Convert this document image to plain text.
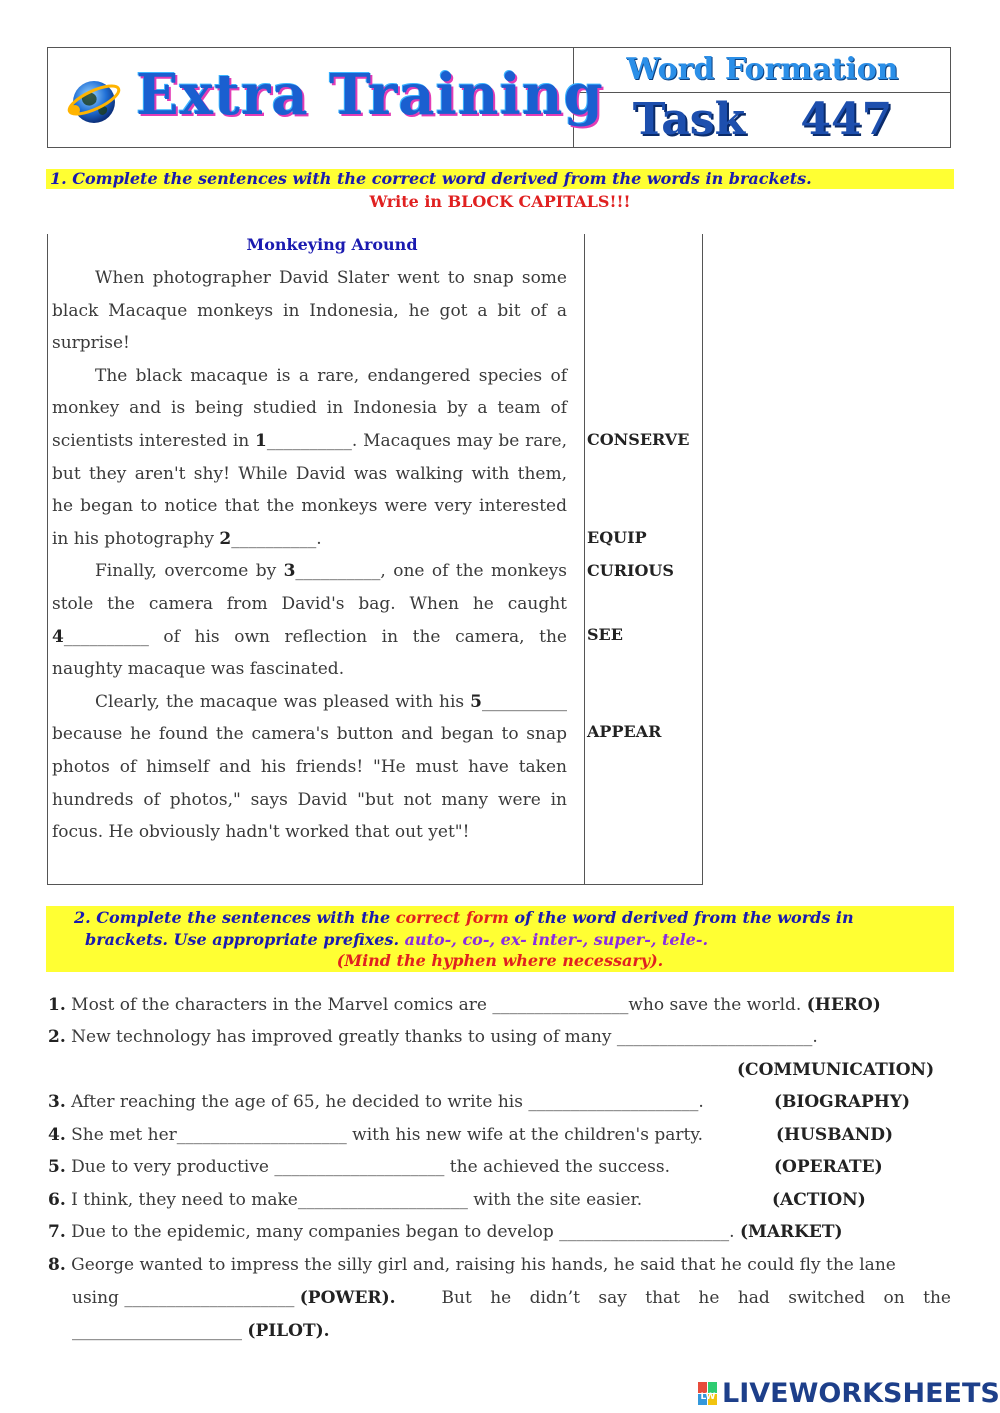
Extra Training Word Formation
Task 447
1. Complete the sentences with the correct word derived from the words in brackets.
Write in BLOCK CAPITALS!!!
Monkeying Around

When photographer David Slater went to snap some black Macaque monkeys in Indonesia, he got a bit of a surprise!

The black macaque is a rare, endangered species of monkey and is being studied in Indonesia by a team of scientists interested in 1__________. Macaques may be rare, but they aren't shy! While David was walking with them, he began to notice that the monkeys were very interested in his photography 2__________.

Finally, overcome by 3__________, one of the monkeys stole the camera from David's bag. When he caught 4__________ of his own reflection in the camera, the naughty macaque was fascinated.

Clearly, the macaque was pleased with his 5__________ because he found the camera's button and began to snap photos of himself and his friends! "He must have taken hundreds of photos," says David "but not many were in focus. He obviously hadn't worked that out yet"!

CONSERVE
EQUIP
CURIOUS
SEE
APPEAR
2. Complete the sentences with the correct form of the word derived from the words in
brackets. Use appropriate prefixes. auto-, co-, ex- inter-, super-, tele-.
(Mind the hyphen where necessary).
1. Most of the characters in the Marvel comics are ________________who save the world. (HERO)
2. New technology has improved greatly thanks to using of many _______________________.
(COMMUNICATION)
3. After reaching the age of 65, he decided to write his ____________________.	(BIOGRAPHY)
4. She met her____________________ with his new wife at the children's party.	(HUSBAND)
5. Due to very productive ____________________ the achieved the success.	(OPERATE)
6. I think, they need to make____________________ with the site easier.	(ACTION)
7. Due to the epidemic, many companies began to develop ____________________. (MARKET)
8. George wanted to impress the silly girl and, raising his hands, he said that he could fly the lane
using ____________________ (POWER).	But he didn’t say that he had switched on the
____________________ (PILOT).
LW LIVEWORKSHEETS
